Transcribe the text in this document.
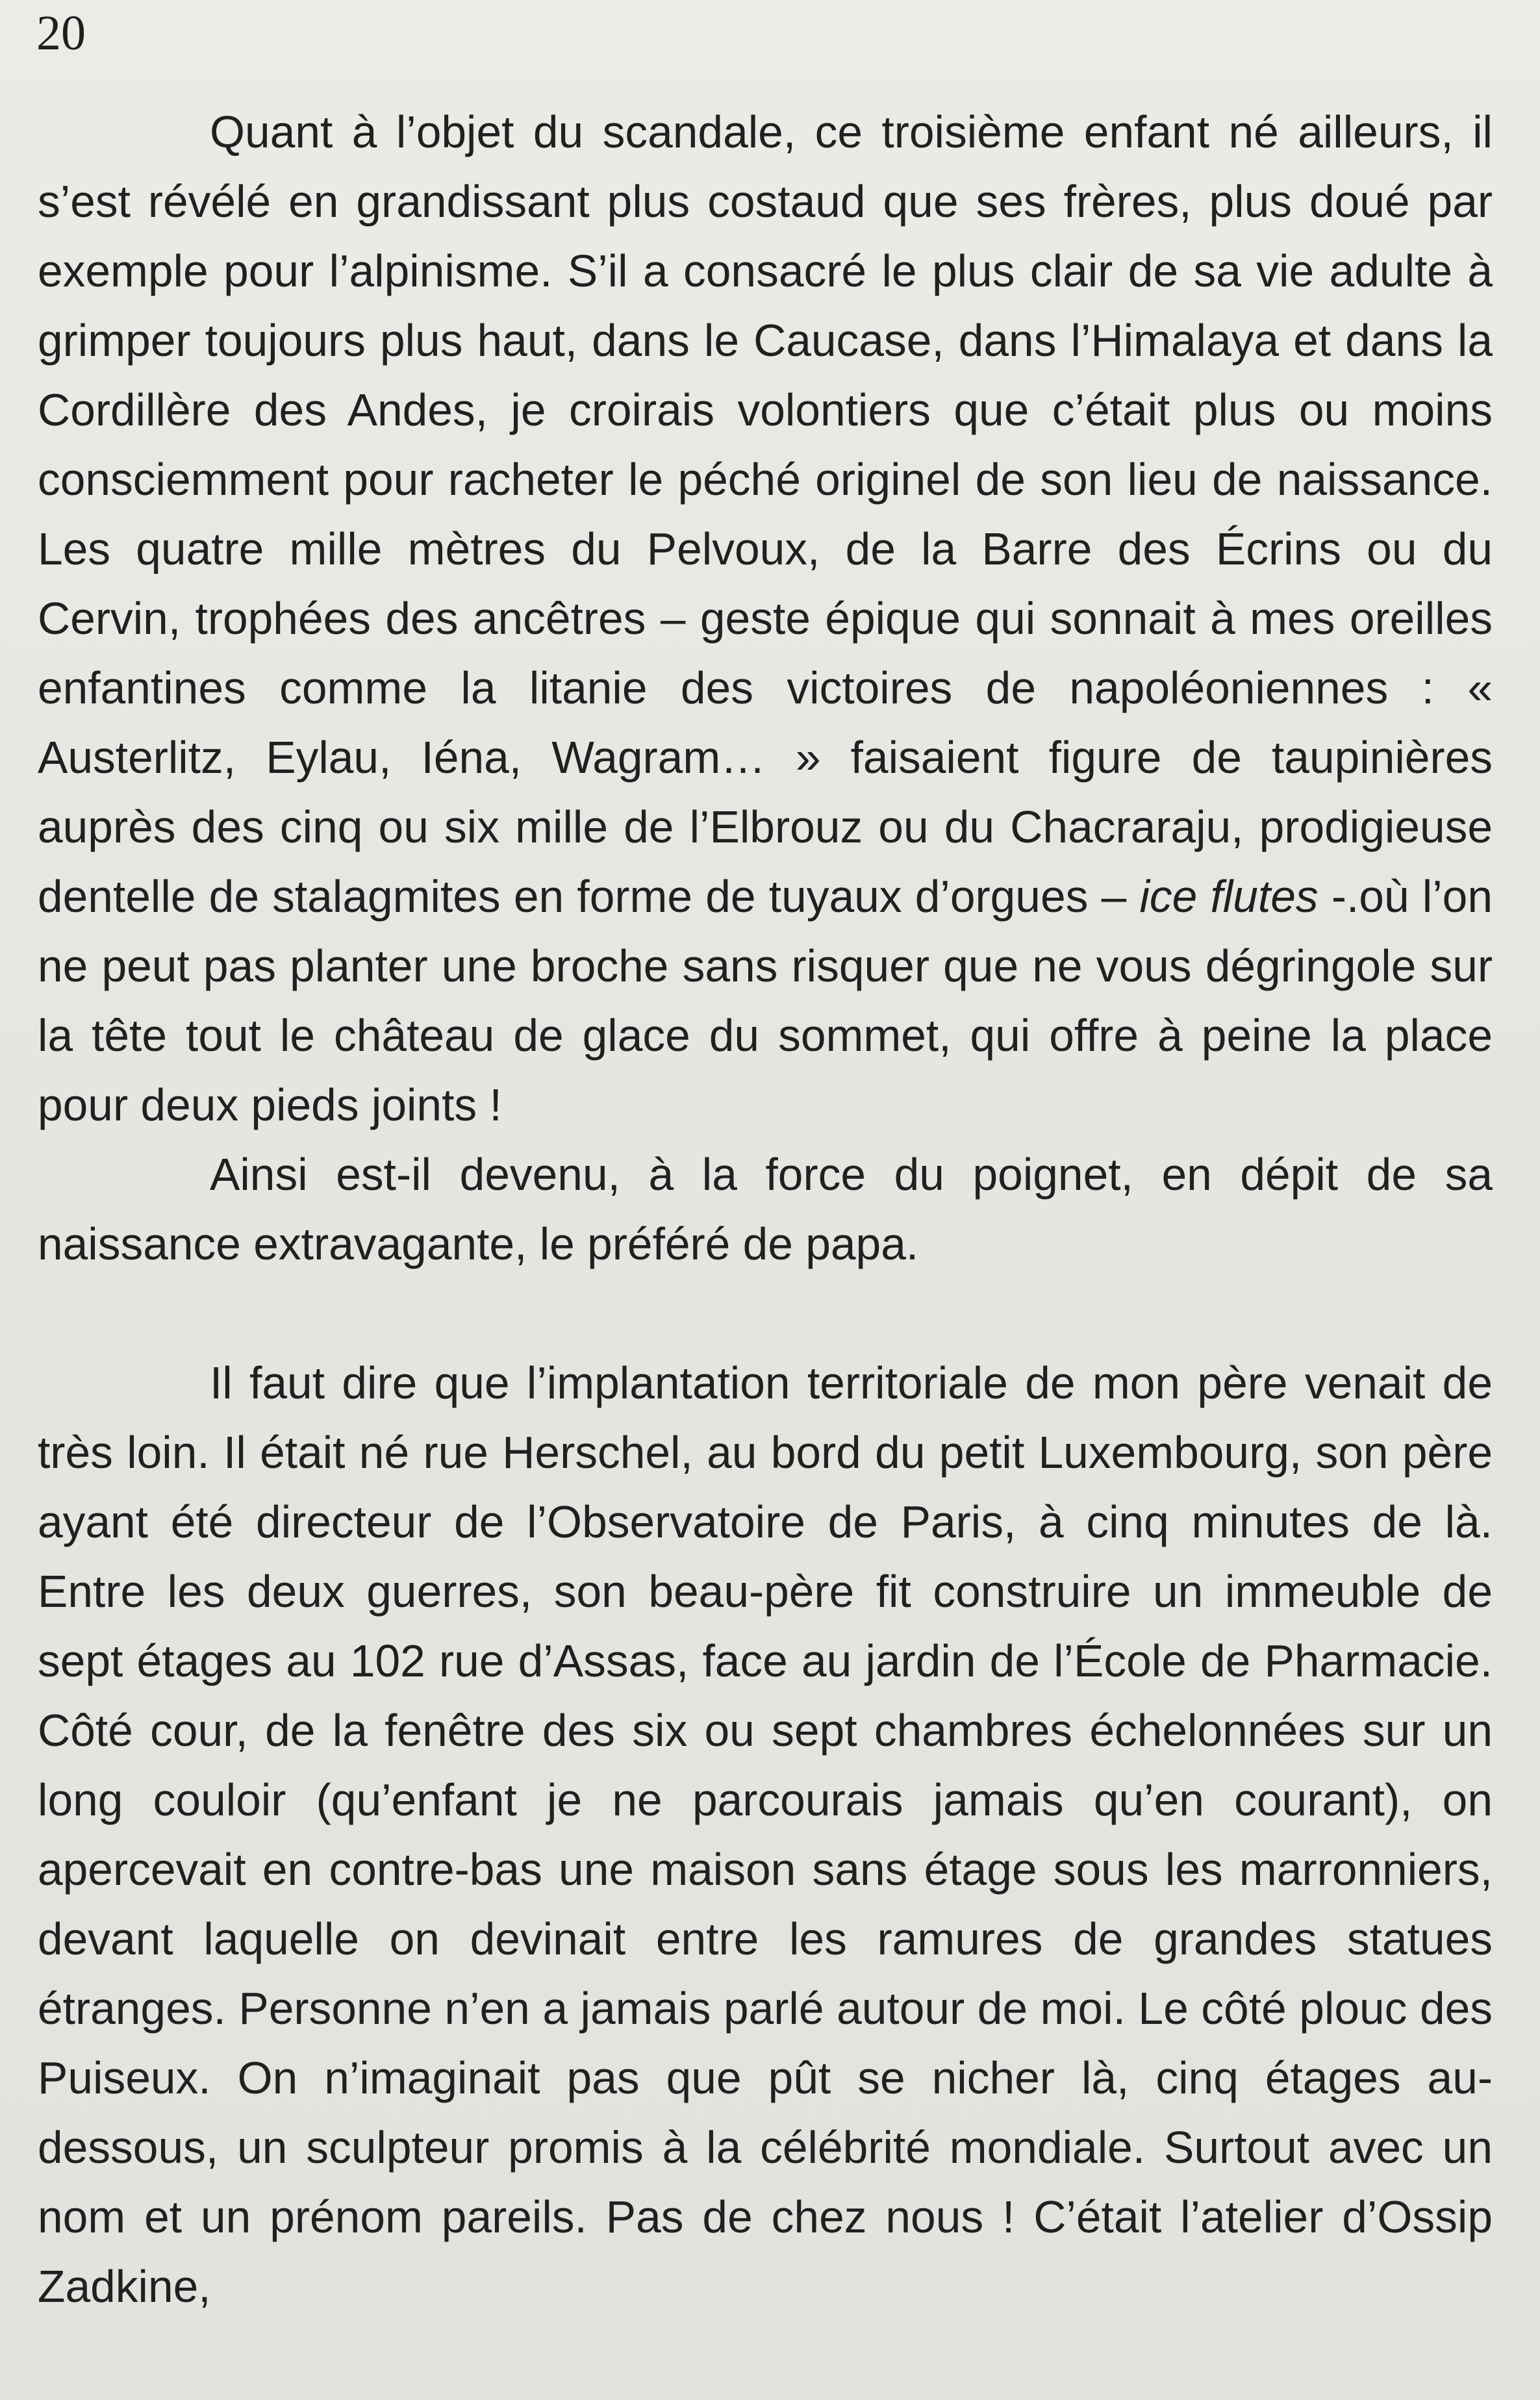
20

Quant à l’objet du scandale, ce troisième enfant né ailleurs, il s’est révélé en grandissant plus costaud que ses frères, plus doué par exemple pour l’alpinisme. S’il a consacré le plus clair de sa vie adulte à grimper toujours plus haut, dans le Caucase, dans l’Himalaya et dans la Cordillère des Andes, je croirais volontiers que c’était plus ou moins consciemment pour racheter le péché originel de son lieu de naissance. Les quatre mille mètres du Pelvoux, de la Barre des Écrins ou du Cervin, trophées des ancêtres – geste épique qui sonnait à mes oreilles enfantines comme la litanie des victoires de napoléoniennes : « Austerlitz, Eylau, Iéna, Wagram… » faisaient figure de taupinières auprès des cinq ou six mille de l’Elbrouz ou du Chacraraju, prodigieuse dentelle de stalagmites en forme de tuyaux d’orgues – ice flutes -.où l’on ne peut pas planter une broche sans risquer que ne vous dégringole sur la tête tout le château de glace du sommet, qui offre à peine la place pour deux pieds joints !

Ainsi est-il devenu, à la force du poignet, en dépit de sa naissance extravagante, le préféré de papa.

Il faut dire que l’implantation territoriale de mon père venait de très loin. Il était né rue Herschel, au bord du petit Luxembourg, son père ayant été directeur de l’Observatoire de Paris, à cinq minutes de là. Entre les deux guerres, son beau-père fit construire un immeuble de sept étages au 102 rue d’Assas, face au jardin de l’École de Pharmacie. Côté cour, de la fenêtre des six ou sept chambres échelonnées sur un long couloir (qu’enfant je ne parcourais jamais qu’en courant), on apercevait en contre-bas une maison sans étage sous les marronniers, devant laquelle on devinait entre les ramures de grandes statues étranges. Personne n’en a jamais parlé autour de moi. Le côté plouc des Puiseux. On n’imaginait pas que pût se nicher là, cinq étages au-dessous, un sculpteur promis à la célébrité mondiale. Surtout avec un nom et un prénom pareils. Pas de chez nous ! C’était l’atelier d’Ossip Zadkine,
